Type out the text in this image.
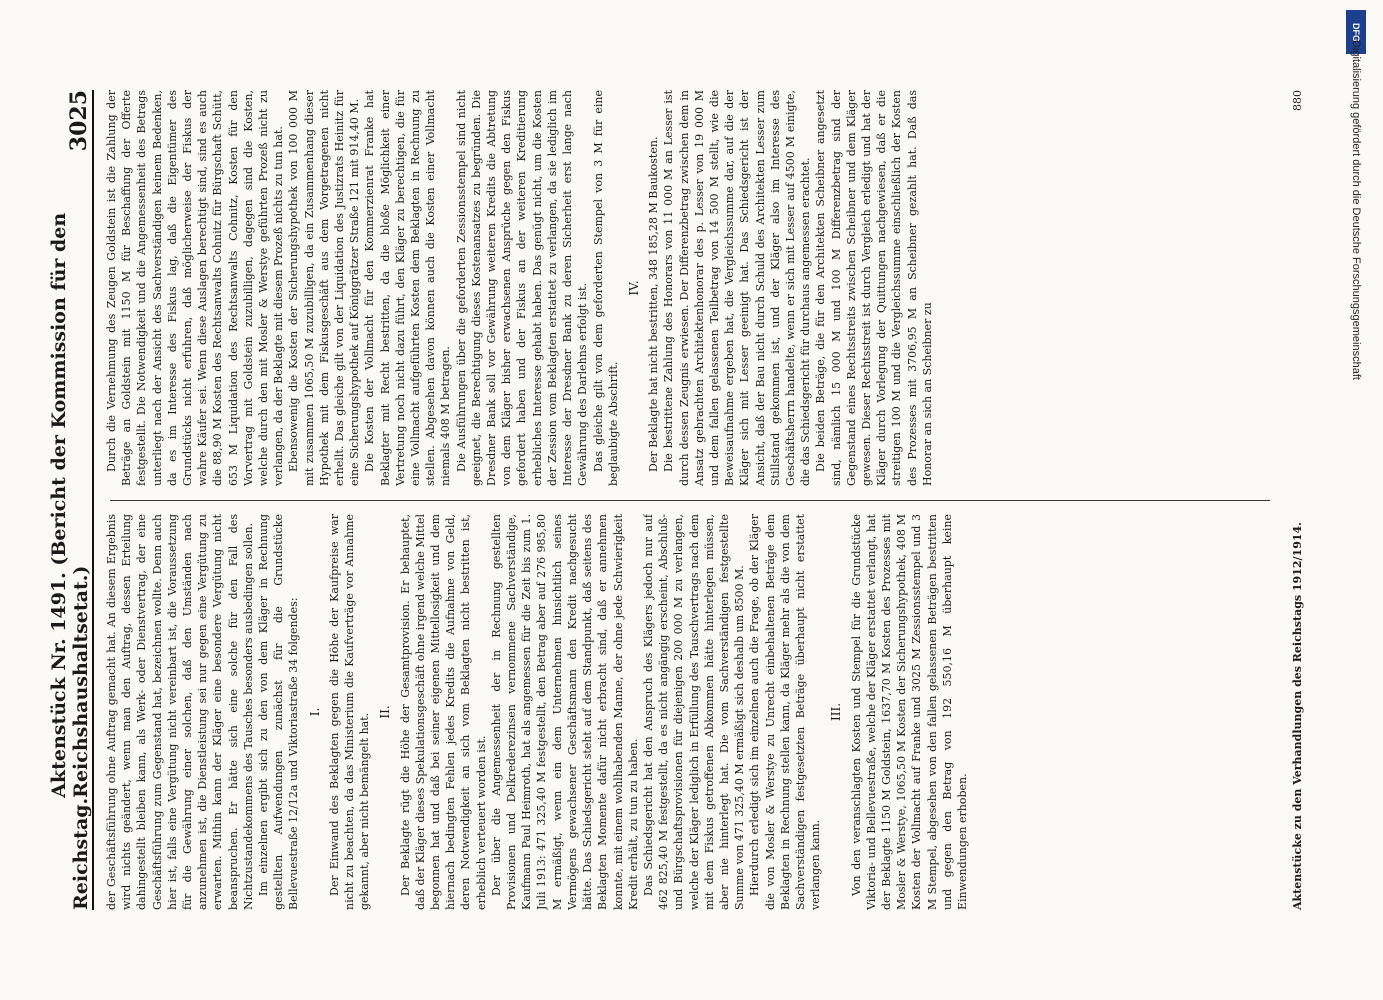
Reichstag.
Aktenstück Nr. 1491. (Bericht der Kommission für den Reichshaushaltsetat.)
3025

der Geschäftsführung ohne Auftrag gemacht hat. An diesem Ergebnis wird nichts geändert, wenn man den Auftrag, dessen Erteilung dahingestellt bleiben kann, als Werk- oder Dienstvertrag, der eine Geschäftsführung zum Gegenstand hat, bezeichnen wollte. Denn auch hier ist, falls eine Vergütung nicht vereinbart ist, die Voraussetzung für die Gewährung einer solchen, daß den Umständen nach anzunehmen ist, die Dienstleistung sei nur gegen eine Vergütung zu erwarten. Mithin kann der Kläger eine besondere Vergütung nicht beanspruchen. Er hätte sich eine solche für den Fall des Nichtzustandekommens des Tausches besonders ausbedingen sollen. Im einzelnen ergibt sich zu den von dem Kläger in Rechnung gestellten Aufwendungen zunächst für die Grundstücke Bellevuestraße 12/12a und Viktoriastraße 34 folgendes: I. Der Einwand des Beklagten gegen die Höhe der Kaufpreise war nicht zu beachten, da das Ministerium die Kaufverträge vor Annahme gekannt, aber nicht bemängelt hat.

II. Der Beklagte rügt die Höhe der Gesamtprovision. Er behauptet, daß der Kläger dieses Spekulationsgeschäft ohne irgend welche Mittel begonnen hat und daß bei seiner eigenen Mittellosigkeit und dem hiernach bedingten Fehlen jedes Kredits die Aufnahme von Geld, deren Notwendigkeit an sich vom Beklagten nicht bestritten ist, erheblich verteuert worden ist. Der über die Angemessenheit der in Rechnung gestellten Provisionen und Delkrederezinsen vernommene Sachverständige, Kaufmann Paul Heimroth, hat als angemessen für die Zeit bis zum 1. Juli 1913: 471 325,40 M festgestellt, den Betrag aber auf 276 985,80 M ermäßigt, wenn ein dem Unternehmen hinsichtlich seines Vermögens gewachsener Geschäftsmann den Kredit nachgesucht hätte. Das Schiedsgericht steht auf dem Standpunkt, daß seitens des Beklagten Momente dafür nicht erbracht sind, daß er annehmen konnte, mit einem wohlhabenden Manne, der ohne jede Schwierigkeit Kredit erhält, zu tun zu haben. Das Schiedsgericht hat den Anspruch des Klägers jedoch nur auf 462 825,40 M festgestellt, da es nicht angängig erscheint, Abschluß- und Bürgschaftsprovisionen für diejenigen 200 000 M zu verlangen, welche der Kläger lediglich in Erfüllung des Tauschvertrags nach dem mit dem Fiskus getroffenen Abkommen hätte hinterlegen müssen, aber nie hinterlegt hat. Die vom Sachverständigen festgestellte Summe von 471 325,40 M ermäßigt sich deshalb um 8500 M. Hierdurch erledigt sich im einzelnen auch die Frage, ob der Kläger die von Mosler & Werstye zu Unrecht einbehaltenen Beträge dem Beklagten in Rechnung stellen kann, da Kläger mehr als die von dem Sachverständigen festgesetzten Beträge überhaupt nicht erstattet verlangen kann.

III. Von den veranschlagten Kosten und Stempel für die Grundstücke Viktoria- und Bellevuestraße, welche der Kläger erstattet verlangt, hat der Beklagte 1150 M Goldstein, 1637,70 M Kosten des Prozesses mit Mosler & Werstye, 1065,50 M Kosten der Sicherungshypothek, 408 M Kosten der Vollmacht auf Franke und 3025 M Zessionsstempel und 3 M Stempel, abgesehen von den fallen gelassenen Beträgen bestritten und gegen den Betrag von 192 550,16 M überhaupt keine Einwendungen erhoben.

Durch die Vernehmung des Zeugen Goldstein ist die Zahlung der Beträge an Goldstein mit 1150 M für Beschaffung der Offerte festgestellt. Die Notwendigkeit und die Angemessenheit des Betrags unterliegt nach der Ansicht des Sachverständigen keinem Bedenken, da es im Interesse des Fiskus lag, daß die Eigentümer des Grundstücks nicht erfuhren, daß möglicherweise der Fiskus der wahre Käufer sei. Wenn diese Auslagen berechtigt sind, sind es auch die 88,90 M Kosten des Rechtsanwalts Cohnitz für Bürgschaft Schütt, 653 M Liquidation des Rechtsanwalts Cohnitz, Kosten für den Vorvertrag mit Goldstein zuzubilligen, dagegen sind die Kosten, welche durch den mit Mosler & Werstye geführten Prozeß nicht zu verlangen, da der Beklagte mit diesem Prozeß nichts zu tun hat. Ebensowenig die Kosten der Sicherungshypothek von 100 000 M mit zusammen 1065,50 M zuzubilligen, da ein Zusammenhang dieser Hypothek mit dem Fiskusgeschäft aus dem Vorgetragenen nicht erhellt. Das gleiche gilt von der Liquidation des Justizrats Heinitz für eine Sicherungshypothek auf Königgrätzer Straße 121 mit 914,40 M. Die Kosten der Vollmacht für den Kommerzienrat Franke hat Beklagter mit Recht bestritten, da die bloße Möglichkeit einer Vertretung noch nicht dazu führt, den Kläger zu berechtigen, die für eine Vollmacht aufgeführten Kosten dem Beklagten in Rechnung zu stellen. Abgesehen davon können auch die Kosten einer Vollmacht niemals 408 M betragen. Die Ausführungen über die geforderten Zessionsstempel sind nicht geeignet, die Berechtigung dieses Kostenansatzes zu begründen. Die Dresdner Bank soll vor Gewährung weiteren Kredits die Abtretung von dem Kläger bisher erwachsenen Ansprüche gegen den Fiskus gefordert haben und der Fiskus an der weiteren Kreditierung erhebliches Interesse gehabt haben. Das genügt nicht, um die Kosten der Zession vom Beklagten erstattet zu verlangen, da sie lediglich im Interesse der Dresdner Bank zu deren Sicherheit erst lange nach Gewährung des Darlehns erfolgt ist. Das gleiche gilt von dem geforderten Stempel von 3 M für eine beglaubigte Abschrift.

IV. Der Beklagte hat nicht bestritten, 348 185,28 M Baukosten. Die bestrittene Zahlung des Honorars von 11 000 M an Lesser ist durch dessen Zeugnis erwiesen. Der Differenzbetrag zwischen dem in Ansatz gebrachten Architektenhonorar des p. Lesser von 19 000 M und dem fallen gelassenen Teilbetrag von 14 500 M stellt, wie die Beweisaufnahme ergeben hat, die Vergleichssumme dar, auf die der Kläger sich mit Lesser geeinigt hat. Das Schiedsgericht ist der Ansicht, daß der Bau nicht durch Schuld des Architekten Lesser zum Stillstand gekommen ist, und der Kläger also im Interesse des Geschäftsherrn handelte, wenn er sich mit Lesser auf 4500 M einigte, die das Schiedsgericht für durchaus angemessen erachtet. Die beiden Beträge, die für den Architekten Scheibner angesetzt sind, nämlich 15 000 M und 100 M Differenzbetrag sind der Gegenstand eines Rechtsstreits zwischen Scheibner und dem Kläger gewesen. Dieser Rechtsstreit ist durch Vergleich erledigt und hat der Kläger durch Vorlegung der Quittungen nachgewiesen, daß er die streitigen 100 M und die Vergleichssumme einschließlich der Kosten des Prozesses mit 3706,95 M an Scheibner gezahlt hat. Daß das Honorar an sich an Scheibner zu

Aktenstücke zu den Verhandlungen des Reichstags 1912/1914.
880
DFG
Digitalisierung gefördert durch die Deutsche Forschungsgemeinschaft
